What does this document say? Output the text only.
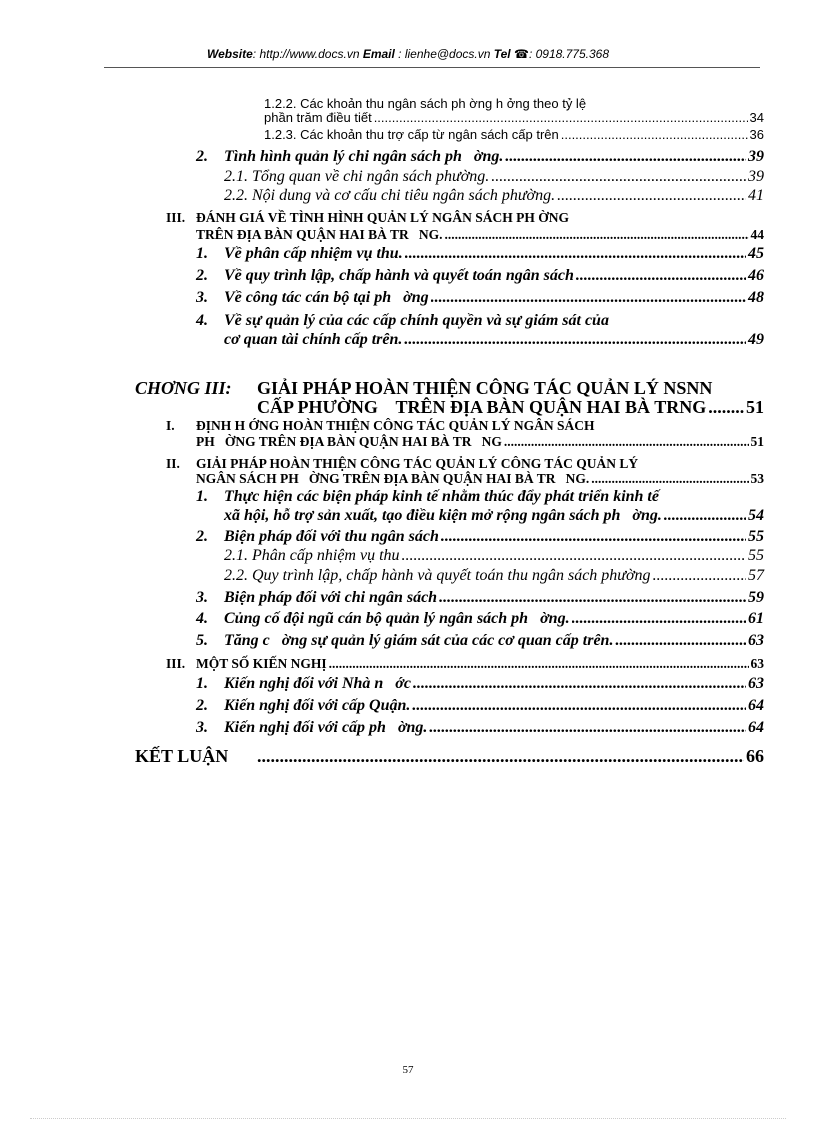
Website: http://www.docs.vn Email : lienhe@docs.vn Tel ☎: 0918.775.368
1.2.2. Các khoản thu ngân sách ph ờng h ởng theo tỷ lệ
phần trăm điều tiết .....	34
1.2.3. Các khoản thu trợ cấp từ ngân sách cấp trên .....	36
2.	Tình hình quản lý chi ngân sách ph   ờng. .....	39
2.1. Tổng quan về chi ngân sách phường. .....	39
2.2. Nội dung và cơ cấu chi tiêu ngân sách phường. .....	41
III. ĐÁNH GIÁ VỀ TÌNH HÌNH QUẢN LÝ NGÂN SÁCH PH ỜNG
TRÊN ĐỊA BÀN QUẬN HAI BÀ TR   NG. .....	44
1.	Về phân cấp nhiệm vụ thu. .....	45
2.	Về quy trình lập, chấp hành và quyết toán ngân sách .....	46
3.	Về công tác cán bộ tại ph   ờng .....	48
4. Về sự quản lý của các cấp chính quyền và sự giám sát của
cơ quan tài chính cấp trên. .....	49
CHƠNG III: GIẢI PHÁP HOÀN THIỆN CÔNG TÁC QUẢN LÝ NSNN
CẤP PHƯỜNG    TRÊN ĐỊA BÀN QUẬN HAI BÀ TRNG ..... 51
I. ĐỊNH H ỚNG HOÀN THIỆN CÔNG TÁC QUẢN LÝ NGÂN SÁCH
PH   ỜNG TRÊN ĐỊA BÀN QUẬN HAI BÀ TR   NG .....	51
II. GIẢI PHÁP HOÀN THIỆN CÔNG TÁC QUẢN LÝ CÔNG TÁC QUẢN LÝ
NGÂN SÁCH PH   ỜNG TRÊN ĐỊA BÀN QUẬN HAI BÀ TR   NG. .....	53
1. Thực hiện các biện pháp kinh tế nhằm thúc đẩy phát triển kinh tế
xã hội, hỗ trợ sản xuất, tạo điều kiện mở rộng ngân sách ph   ờng. .....	54
2.	Biện pháp đối với thu ngân sách .....	55
2.1. Phân cấp nhiệm vụ thu .....	55
2.2. Quy trình lập, chấp hành và quyết toán thu ngân sách phường .....	57
3.	Biện pháp đối với chi ngân sách .....	59
4.	Củng cố đội ngũ cán bộ quản lý ngân sách ph   ờng. .....	61
5.	Tăng c   ờng sự quản lý giám sát của các cơ quan cấp trên. .....	63
III. MỘT SỐ KIẾN NGHỊ .....	63
1.	Kiến nghị đối với Nhà n   ớc .....	63
2.	Kiến nghị đối với cấp Quận. .....	64
3.	Kiến nghị đối với cấp ph   ờng. .....	64
KẾT LUẬN .....	66
57
